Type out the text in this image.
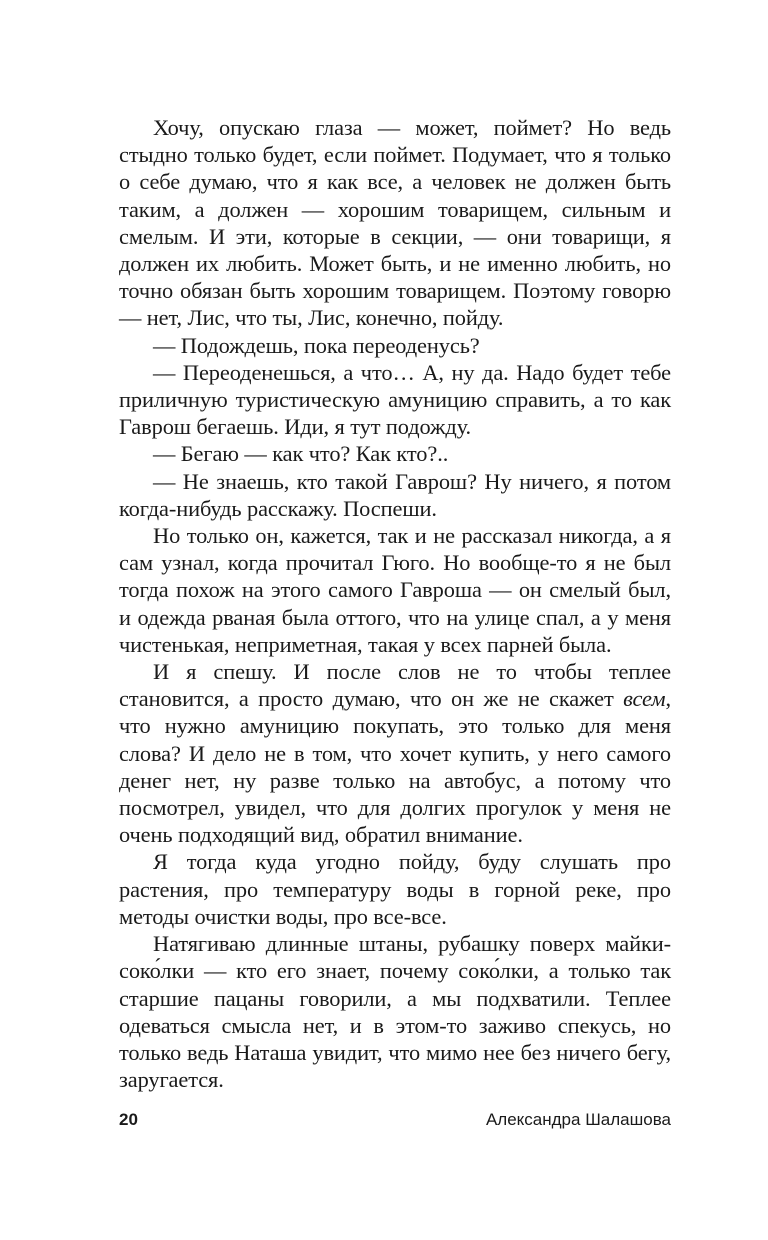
Хочу, опускаю глаза — может, поймет? Но ведь стыдно только будет, если поймет. Подумает, что я только о себе думаю, что я как все, а человек не должен быть таким, а должен — хорошим товарищем, сильным и смелым. И эти, которые в секции, — они товарищи, я должен их любить. Может быть, и не именно любить, но точно обязан быть хорошим товарищем. Поэтому говорю — нет, Лис, что ты, Лис, конечно, пойду.

— Подождешь, пока переоденусь?

— Переоденешься, а что… А, ну да. Надо будет тебе приличную туристическую амуницию справить, а то как Гаврош бегаешь. Иди, я тут подожду.

— Бегаю — как что? Как кто?..

— Не знаешь, кто такой Гаврош? Ну ничего, я потом когда-нибудь расскажу. Поспеши.

Но только он, кажется, так и не рассказал никогда, а я сам узнал, когда прочитал Гюго. Но вообще-то я не был тогда похож на этого самого Гавроша — он смелый был, и одежда рваная была оттого, что на улице спал, а у меня чистенькая, неприметная, такая у всех парней была.

И я спешу. И после слов не то чтобы теплее становится, а просто думаю, что он же не скажет всем, что нужно амуницию покупать, это только для меня слова? И дело не в том, что хочет купить, у него самого денег нет, ну разве только на автобус, а потому что посмотрел, увидел, что для долгих прогулок у меня не очень подходящий вид, обратил внимание.

Я тогда куда угодно пойду, буду слушать про растения, про температуру воды в горной реке, про методы очистки воды, про все-все.

Натягиваю длинные штаны, рубашку поверх майки-соко́лки — кто его знает, почему соко́лки, а только так старшие пацаны говорили, а мы подхватили. Теплее одеваться смысла нет, и в этом-то заживо спекусь, но только ведь Наташа увидит, что мимо нее без ничего бегу, заругается.

20	Александра Шалашова
